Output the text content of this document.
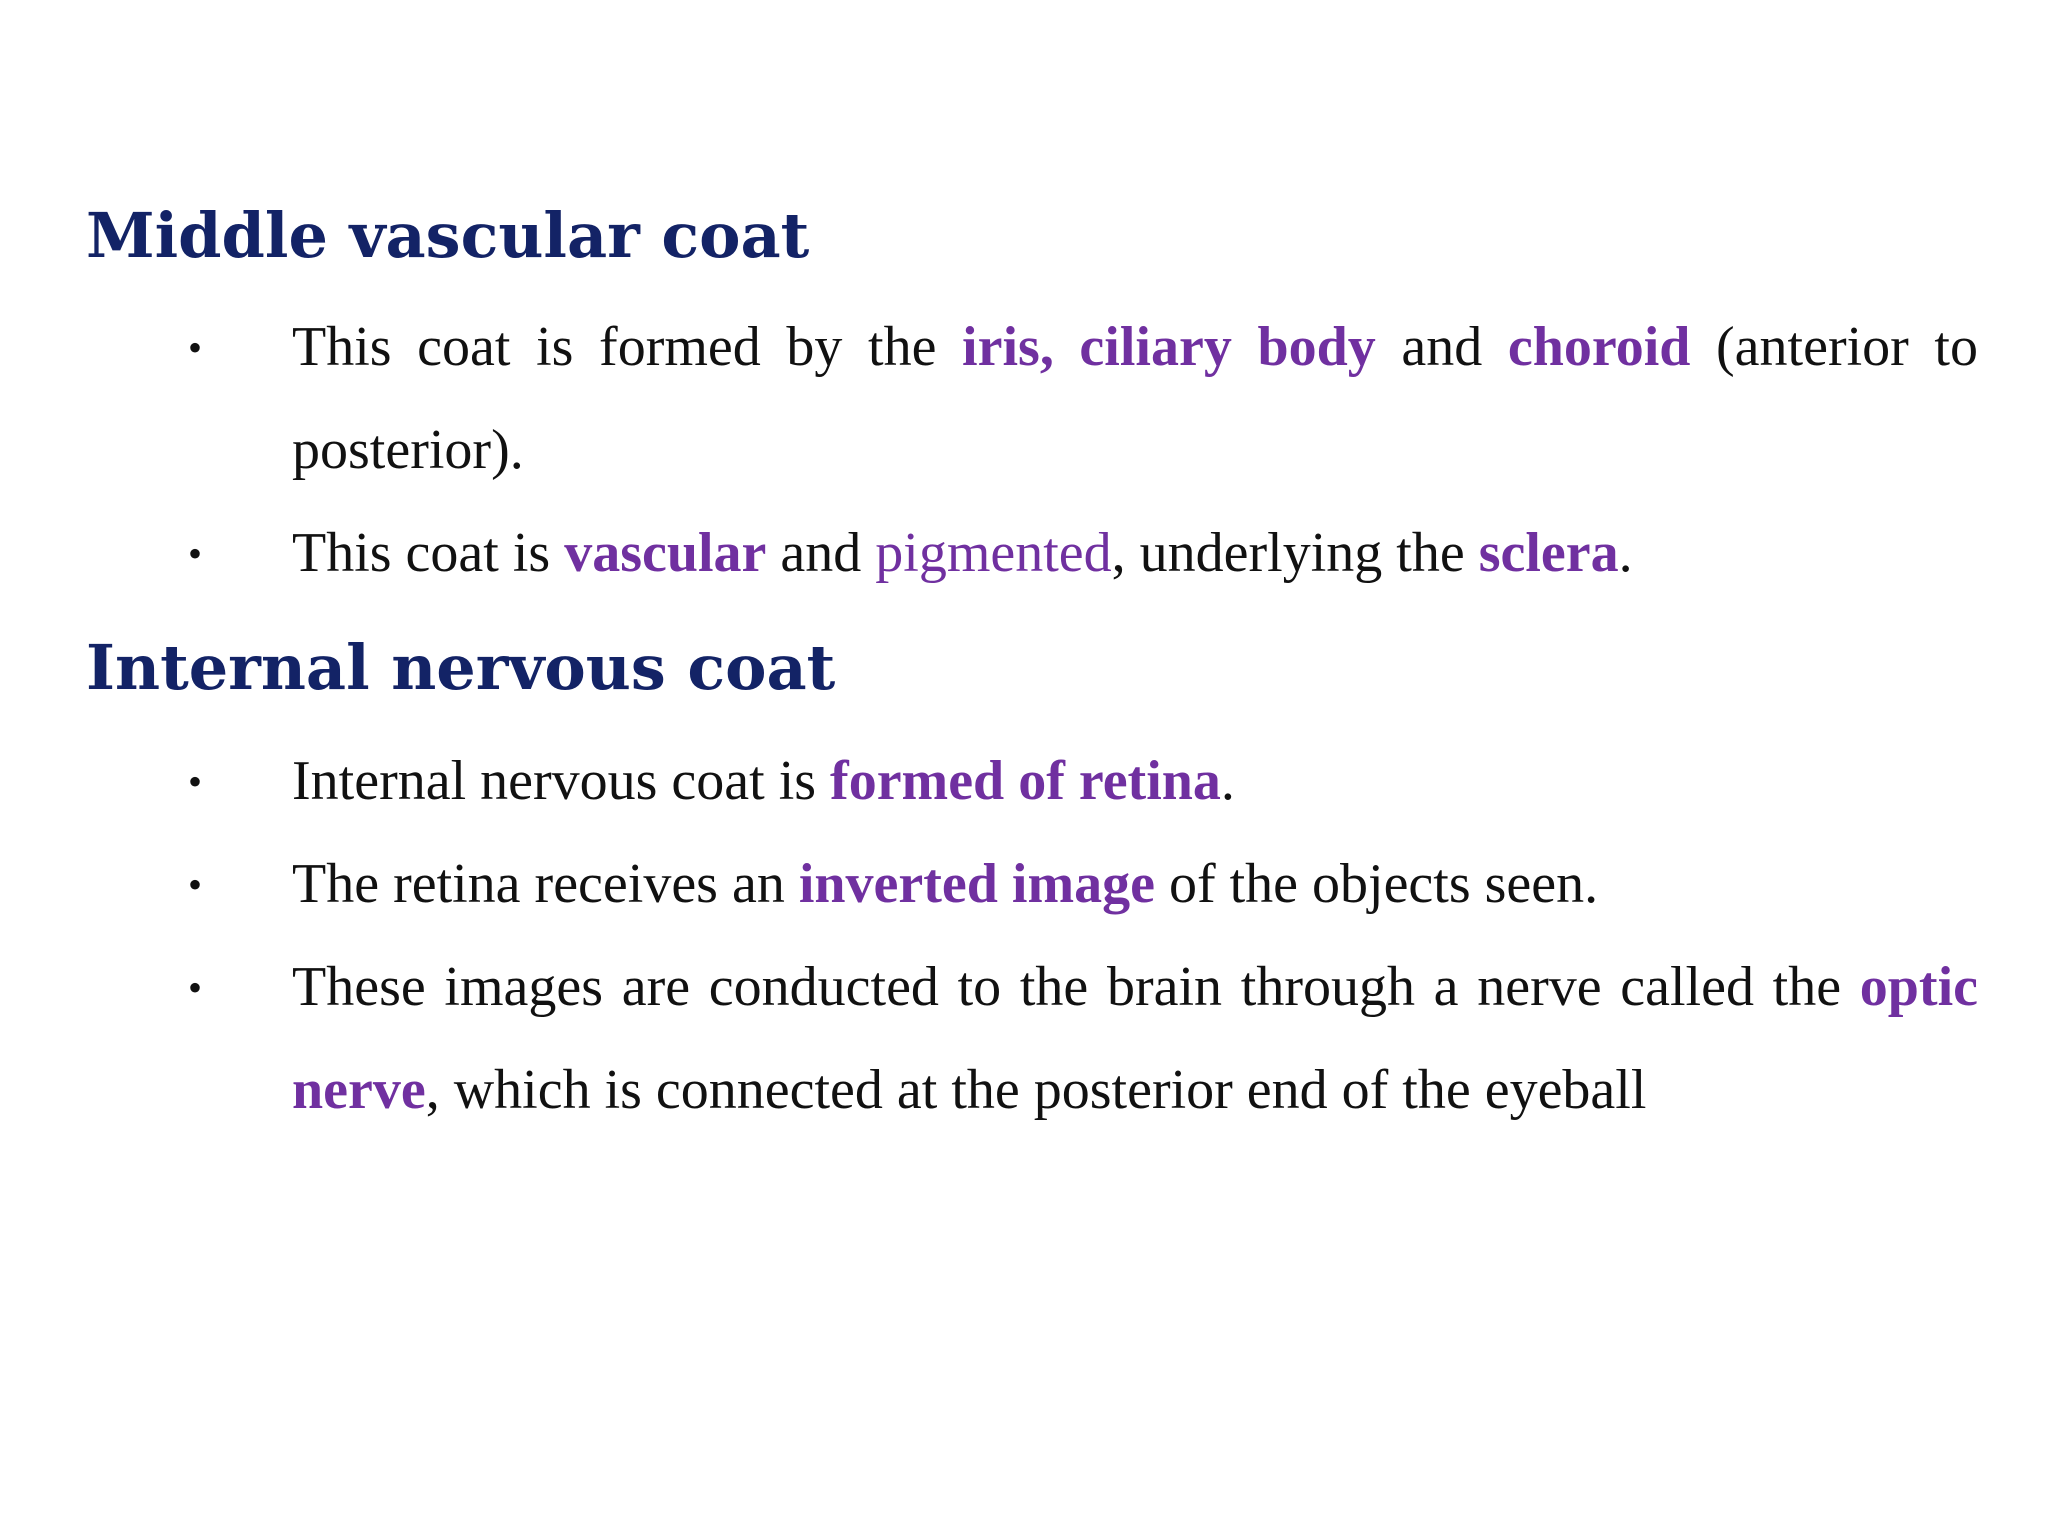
Middle vascular coat
• This coat is formed by the iris, ciliary body and choroid (anterior to posterior).
• This coat is vascular and pigmented, underlying the sclera.
Internal nervous coat
• Internal nervous coat is formed of retina.
• The retina receives an inverted image of the objects seen.
• These images are conducted to the brain through a nerve called the optic nerve, which is connected at the posterior end of the eyeball
